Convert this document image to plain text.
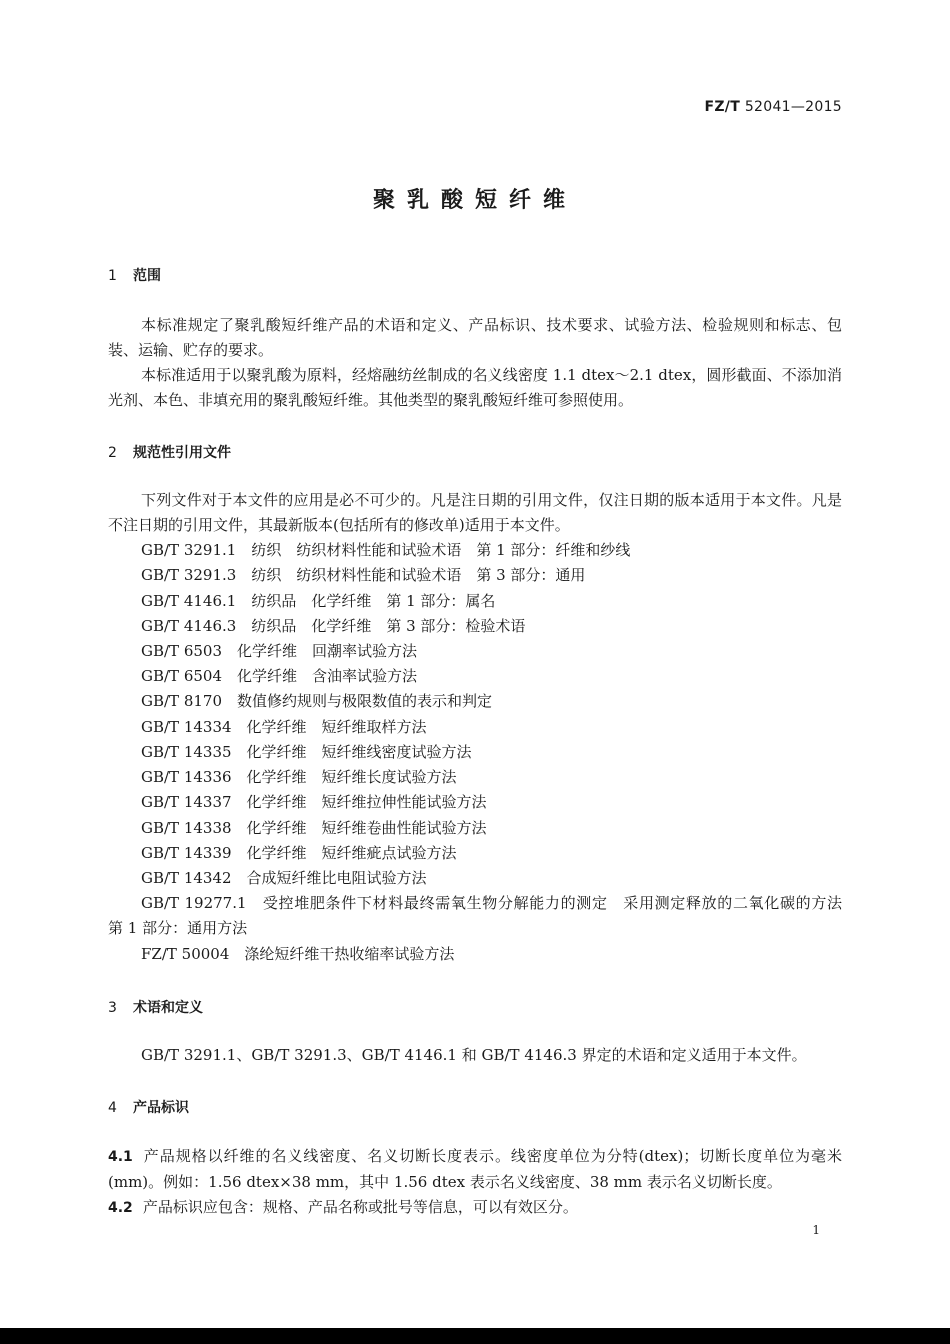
FZ/T 52041—2015
聚乳酸短纤维
1 范围
本标准规定了聚乳酸短纤维产品的术语和定义、产品标识、技术要求、试验方法、检验规则和标志、包装、运输、贮存的要求。
本标准适用于以聚乳酸为原料，经熔融纺丝制成的名义线密度 1.1 dtex～2.1 dtex，圆形截面、不添加消光剂、本色、非填充用的聚乳酸短纤维。其他类型的聚乳酸短纤维可参照使用。
2 规范性引用文件
下列文件对于本文件的应用是必不可少的。凡是注日期的引用文件，仅注日期的版本适用于本文件。凡是不注日期的引用文件，其最新版本(包括所有的修改单)适用于本文件。
GB/T 3291.1　纺织　纺织材料性能和试验术语　第 1 部分：纤维和纱线
GB/T 3291.3　纺织　纺织材料性能和试验术语　第 3 部分：通用
GB/T 4146.1　纺织品　化学纤维　第 1 部分：属名
GB/T 4146.3　纺织品　化学纤维　第 3 部分：检验术语
GB/T 6503　化学纤维　回潮率试验方法
GB/T 6504　化学纤维　含油率试验方法
GB/T 8170　数值修约规则与极限数值的表示和判定
GB/T 14334　化学纤维　短纤维取样方法
GB/T 14335　化学纤维　短纤维线密度试验方法
GB/T 14336　化学纤维　短纤维长度试验方法
GB/T 14337　化学纤维　短纤维拉伸性能试验方法
GB/T 14338　化学纤维　短纤维卷曲性能试验方法
GB/T 14339　化学纤维　短纤维疵点试验方法
GB/T 14342　合成短纤维比电阻试验方法
GB/T 19277.1　受控堆肥条件下材料最终需氧生物分解能力的测定　采用测定释放的二氧化碳的方法　第 1 部分：通用方法
FZ/T 50004　涤纶短纤维干热收缩率试验方法
3 术语和定义
GB/T 3291.1、GB/T 3291.3、GB/T 4146.1 和 GB/T 4146.3 界定的术语和定义适用于本文件。
4 产品标识
4.1 产品规格以纤维的名义线密度、名义切断长度表示。线密度单位为分特(dtex)；切断长度单位为毫米(mm)。例如：1.56 dtex×38 mm，其中 1.56 dtex 表示名义线密度、38 mm 表示名义切断长度。
4.2 产品标识应包含：规格、产品名称或批号等信息，可以有效区分。
1
